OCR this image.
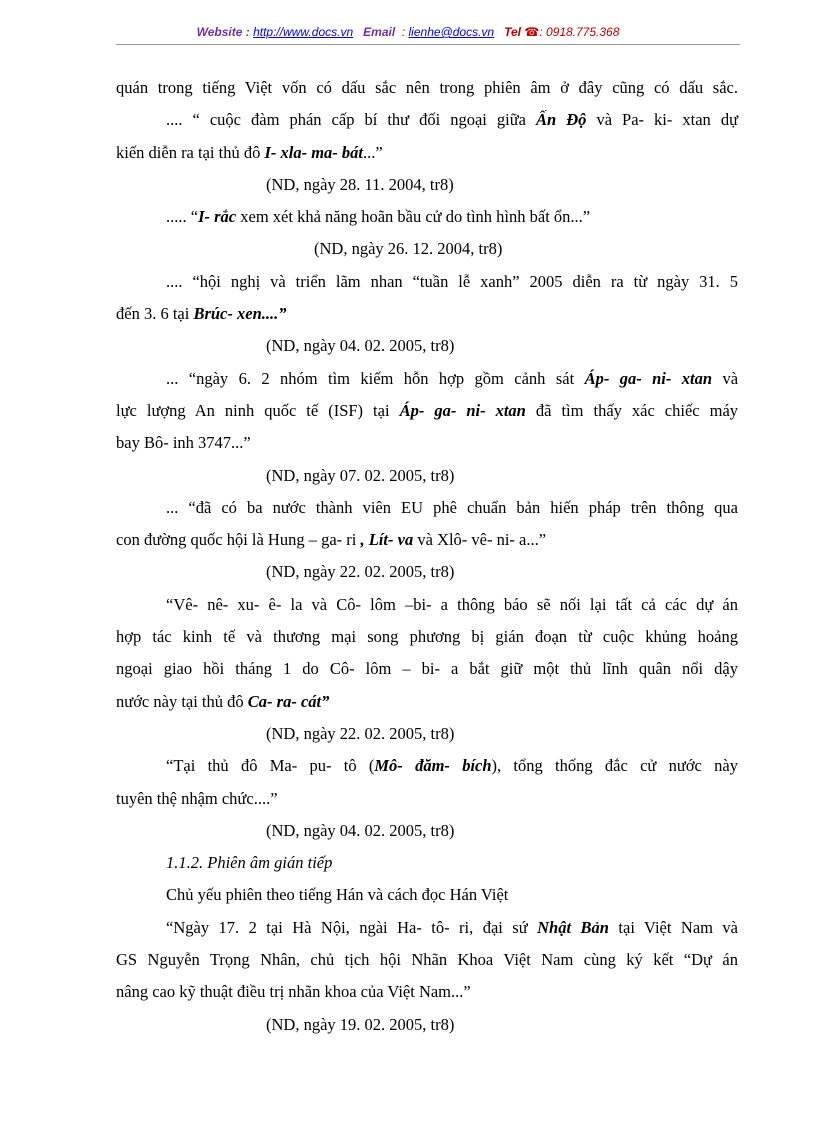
Website : http://www.docs.vn Email : lienhe@docs.vn Tel ☎: 0918.775.368
quán trong tiếng Việt vốn có dấu sắc nên trong phiên âm ở đây cũng có dấu sắc.
.... “ cuộc đàm phán cấp bí thư đối ngoại giữa Ấn Độ và Pa- ki- xtan dự
kiến diễn ra tại thủ đô I- xla- ma- bát...”
(ND, ngày 28. 11. 2004, tr8)
..... “I- rắc xem xét khả năng hoãn bầu cử do tình hình bất ổn...”
(ND, ngày 26. 12. 2004, tr8)
.... “hội nghị và triển lãm nhan “tuần lễ xanh” 2005 diễn ra từ ngày 31. 5
đến 3. 6 tại Brúc- xen....”
(ND, ngày 04. 02. 2005, tr8)
... “ngày 6. 2 nhóm tìm kiếm hỗn hợp gồm cảnh sát Áp- ga- ni- xtan và
lực lượng An ninh quốc tế (ISF) tại Áp- ga- ni- xtan đã tìm thấy xác chiếc máy
bay Bô- inh 3747...”
(ND, ngày 07. 02. 2005, tr8)
... “đã có ba nước thành viên EU phê chuẩn bản hiến pháp trên thông qua
con đường quốc hội là Hung – ga- ri , Lít- va và Xlô- vê- ni- a...”
(ND, ngày 22. 02. 2005, tr8)
“Vê- nê- xu- ê- la và Cô- lôm –bi- a thông báo sẽ nối lại tất cả các dự án
hợp tác kinh tế và thương mại song phương bị gián đoạn từ cuộc khủng hoảng
ngoại giao hồi tháng 1 do Cô- lôm – bi- a bắt giữ một thủ lĩnh quân nổi dậy
nước này tại thủ đô Ca- ra- cát”
(ND, ngày 22. 02. 2005, tr8)
“Tại thủ đô Ma- pu- tô (Mô- đăm- bích), tổng thống đắc cử nước này
tuyên thệ nhậm chức....”
(ND, ngày 04. 02. 2005, tr8)
1.1.2. Phiên âm gián tiếp
Chủ yếu phiên theo tiếng Hán và cách đọc Hán Việt
“Ngày 17. 2 tại Hà Nội, ngài Ha- tô- ri, đại sứ Nhật Bản tại Việt Nam và
GS Nguyễn Trọng Nhân, chủ tịch hội Nhãn Khoa Việt Nam cùng ký kết “Dự án
nâng cao kỹ thuật điều trị nhãn khoa của Việt Nam...”
(ND, ngày 19. 02. 2005, tr8)
